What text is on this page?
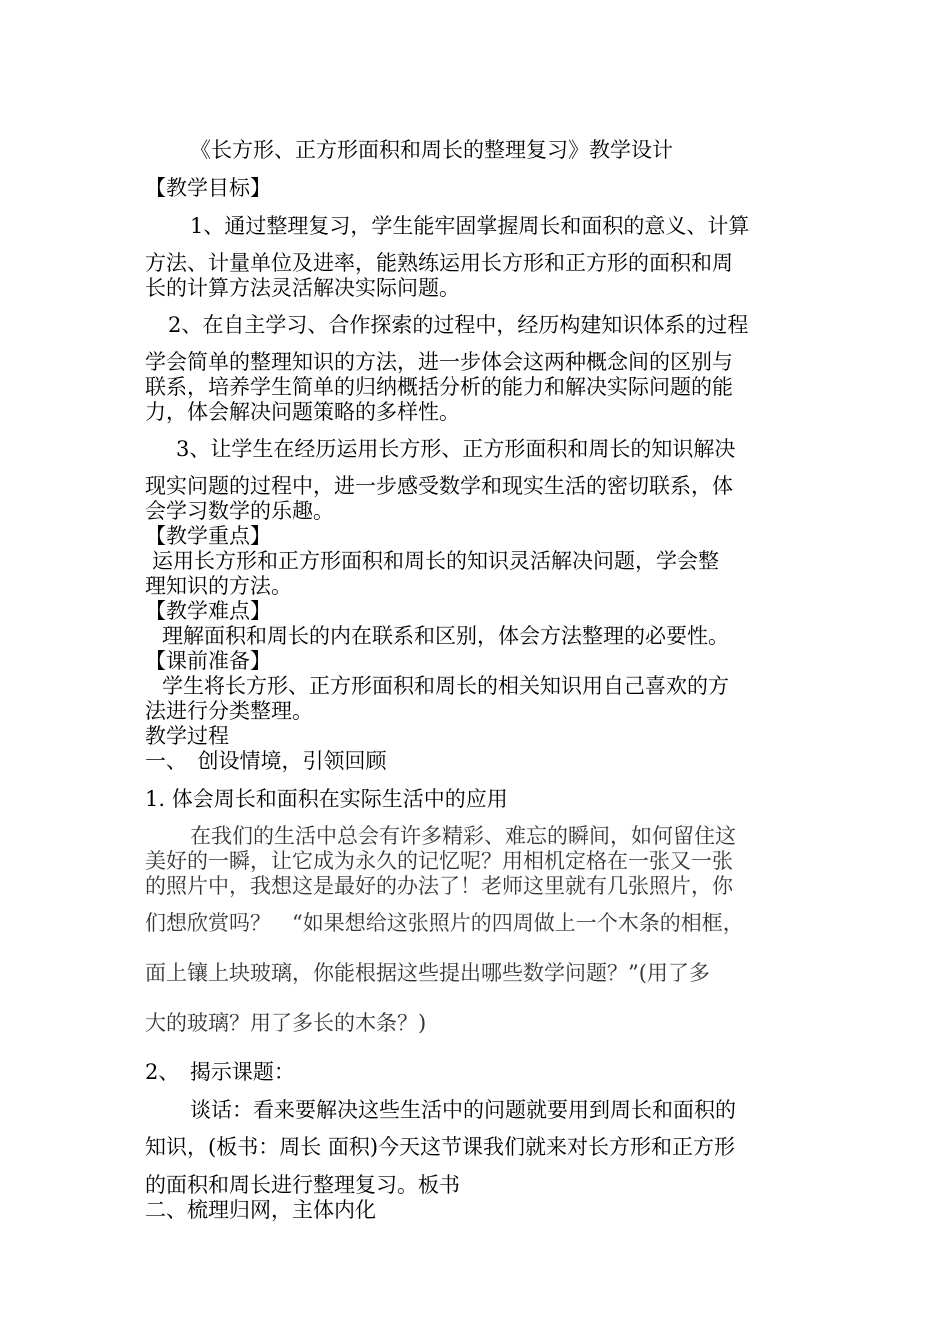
《长方形、正方形面积和周长的整理复习》教学设计

【教学目标】

1、通过整理复习，学生能牢固掌握周长和面积的意义、计算

方法、计量单位及进率，能熟练运用长方形和正方形的面积和周

长的计算方法灵活解决实际问题。

2、在自主学习、合作探索的过程中，经历构建知识体系的过程

学会简单的整理知识的方法，进一步体会这两种概念间的区别与

联系，培养学生简单的归纳概括分析的能力和解决实际问题的能

力，体会解决问题策略的多样性。

3、让学生在经历运用长方形、正方形面积和周长的知识解决

现实问题的过程中，进一步感受数学和现实生活的密切联系，体

会学习数学的乐趣。

【教学重点】

运用长方形和正方形面积和周长的知识灵活解决问题，学会整

理知识的方法。

【教学难点】

理解面积和周长的内在联系和区别，体会方法整理的必要性。

【课前准备】

学生将长方形、正方形面积和周长的相关知识用自己喜欢的方

法进行分类整理。

教学过程

一、　创设情境，引领回顾

1. 体会周长和面积在实际生活中的应用

在我们的生活中总会有许多精彩、难忘的瞬间，如何留住这

美好的一瞬，让它成为永久的记忆呢？用相机定格在一张又一张

的照片中，我想这是最好的办法了！老师这里就有几张照片，你

们想欣赏吗？　“如果想给这张照片的四周做上一个木条的相框，

面上镶上块玻璃，你能根据这些提出哪些数学问题？”(用了多

大的玻璃？用了多长的木条？)

2、　揭示课题：

谈话：看来要解决这些生活中的问题就要用到周长和面积的

知识，(板书：周长 面积)今天这节课我们就来对长方形和正方形

的面积和周长进行整理复习。板书

二、梳理归网，主体内化
